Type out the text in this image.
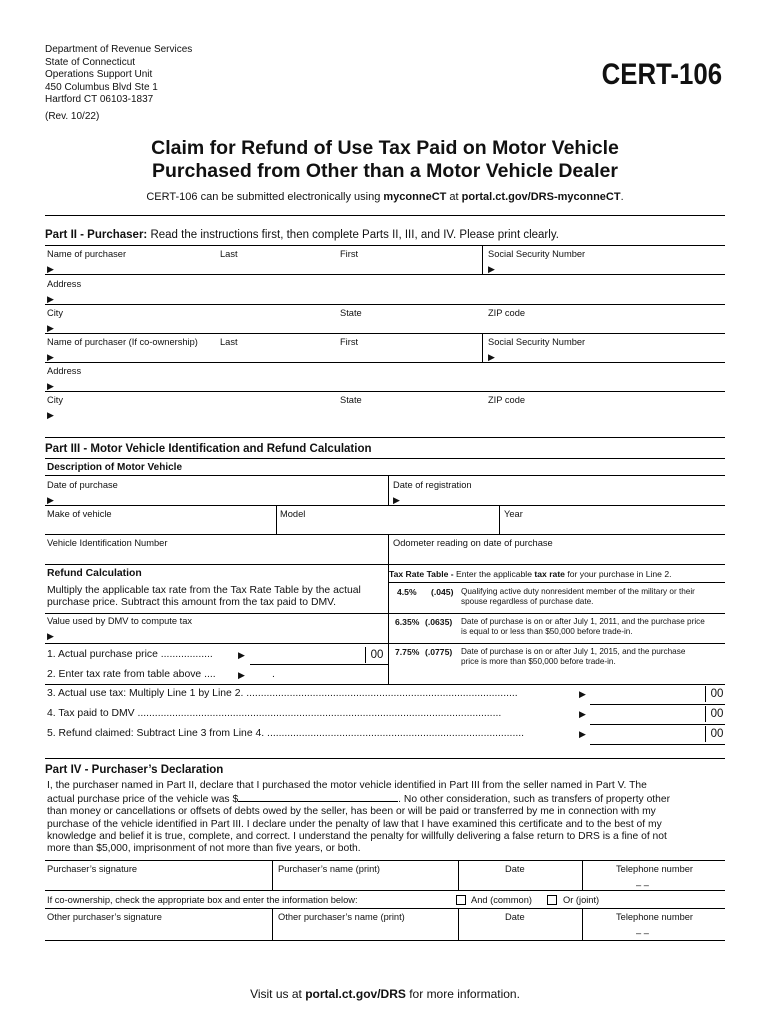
Department of Revenue Services
State of Connecticut
Operations Support Unit
450 Columbus Blvd Ste 1
Hartford CT 06103-1837
(Rev. 10/22)
CERT-106
Claim for Refund of Use Tax Paid on Motor Vehicle
Purchased from Other than a Motor Vehicle Dealer
CERT-106 can be submitted electronically using myconneCT at portal.ct.gov/DRS-myconneCT.
Part II - Purchaser: Read the instructions first, then complete Parts II, III, and IV. Please print clearly.
Name of purchaser	Last	First	Social Security Number
▶	▶
Address
▶
City	State	ZIP code
▶
Name of purchaser (If co-ownership) Last	First	Social Security Number
▶	▶
Address
▶
City	State	ZIP code
▶
Part III - Motor Vehicle Identification and Refund Calculation
Description of Motor Vehicle
Date of purchase	Date of registration
▶	▶
Make of vehicle	Model	Year
Vehicle Identification Number	Odometer reading on date of purchase
Refund Calculation
Multiply the applicable tax rate from the Tax Rate Table by the actual
purchase price. Subtract this amount from the tax paid to DMV.
Value used by DMV to compute tax
▶
1. Actual purchase price ..................	▶	00
2. Enter tax rate from table above .... ▶	.
Tax Rate Table - Enter the applicable tax rate for your purchase in Line 2.
4.5% (.045) Qualifying active duty nonresident member of the military or their
spouse regardless of purchase date.
6.35% (.0635) Date of purchase is on or after July 1, 2011, and the purchase price
is equal to or less than $50,000 before trade-in.
7.75% (.0775) Date of purchase is on or after July 1, 2015, and the purchase
price is more than $50,000 before trade-in.
3. Actual use tax: Multiply Line 1 by Line 2. ..............................................................................................	▶	00
4. Tax paid to DMV ..............................................................................................................................	▶	00
5. Refund claimed: Subtract Line 3 from Line 4. .........................................................................................	▶	00
Part IV - Purchaser’s Declaration
I, the purchaser named in Part II, declare that I purchased the motor vehicle identified in Part III from the seller named in Part V. The
actual purchase price of the vehicle was $	. No other consideration, such as transfers of property other
than money or cancellations or offsets of debts owed by the seller, has been or will be paid or transferred by me in connection with my
purchase of the vehicle identified in Part III. I declare under the penalty of law that I have examined this certificate and to the best of my
knowledge and belief it is true, complete, and correct. I understand the penalty for willfully delivering a false return to DRS is a fine of not
more than $5,000, imprisonment of not more than five years, or both.
Purchaser’s signature	Purchaser’s name (print)	Date	Telephone number
– –
If co-ownership, check the appropriate box and enter the information below:	And (common)	Or (joint)
Other purchaser’s signature	Other purchaser’s name (print)	Date	Telephone number
– –
Visit us at portal.ct.gov/DRS for more information.
